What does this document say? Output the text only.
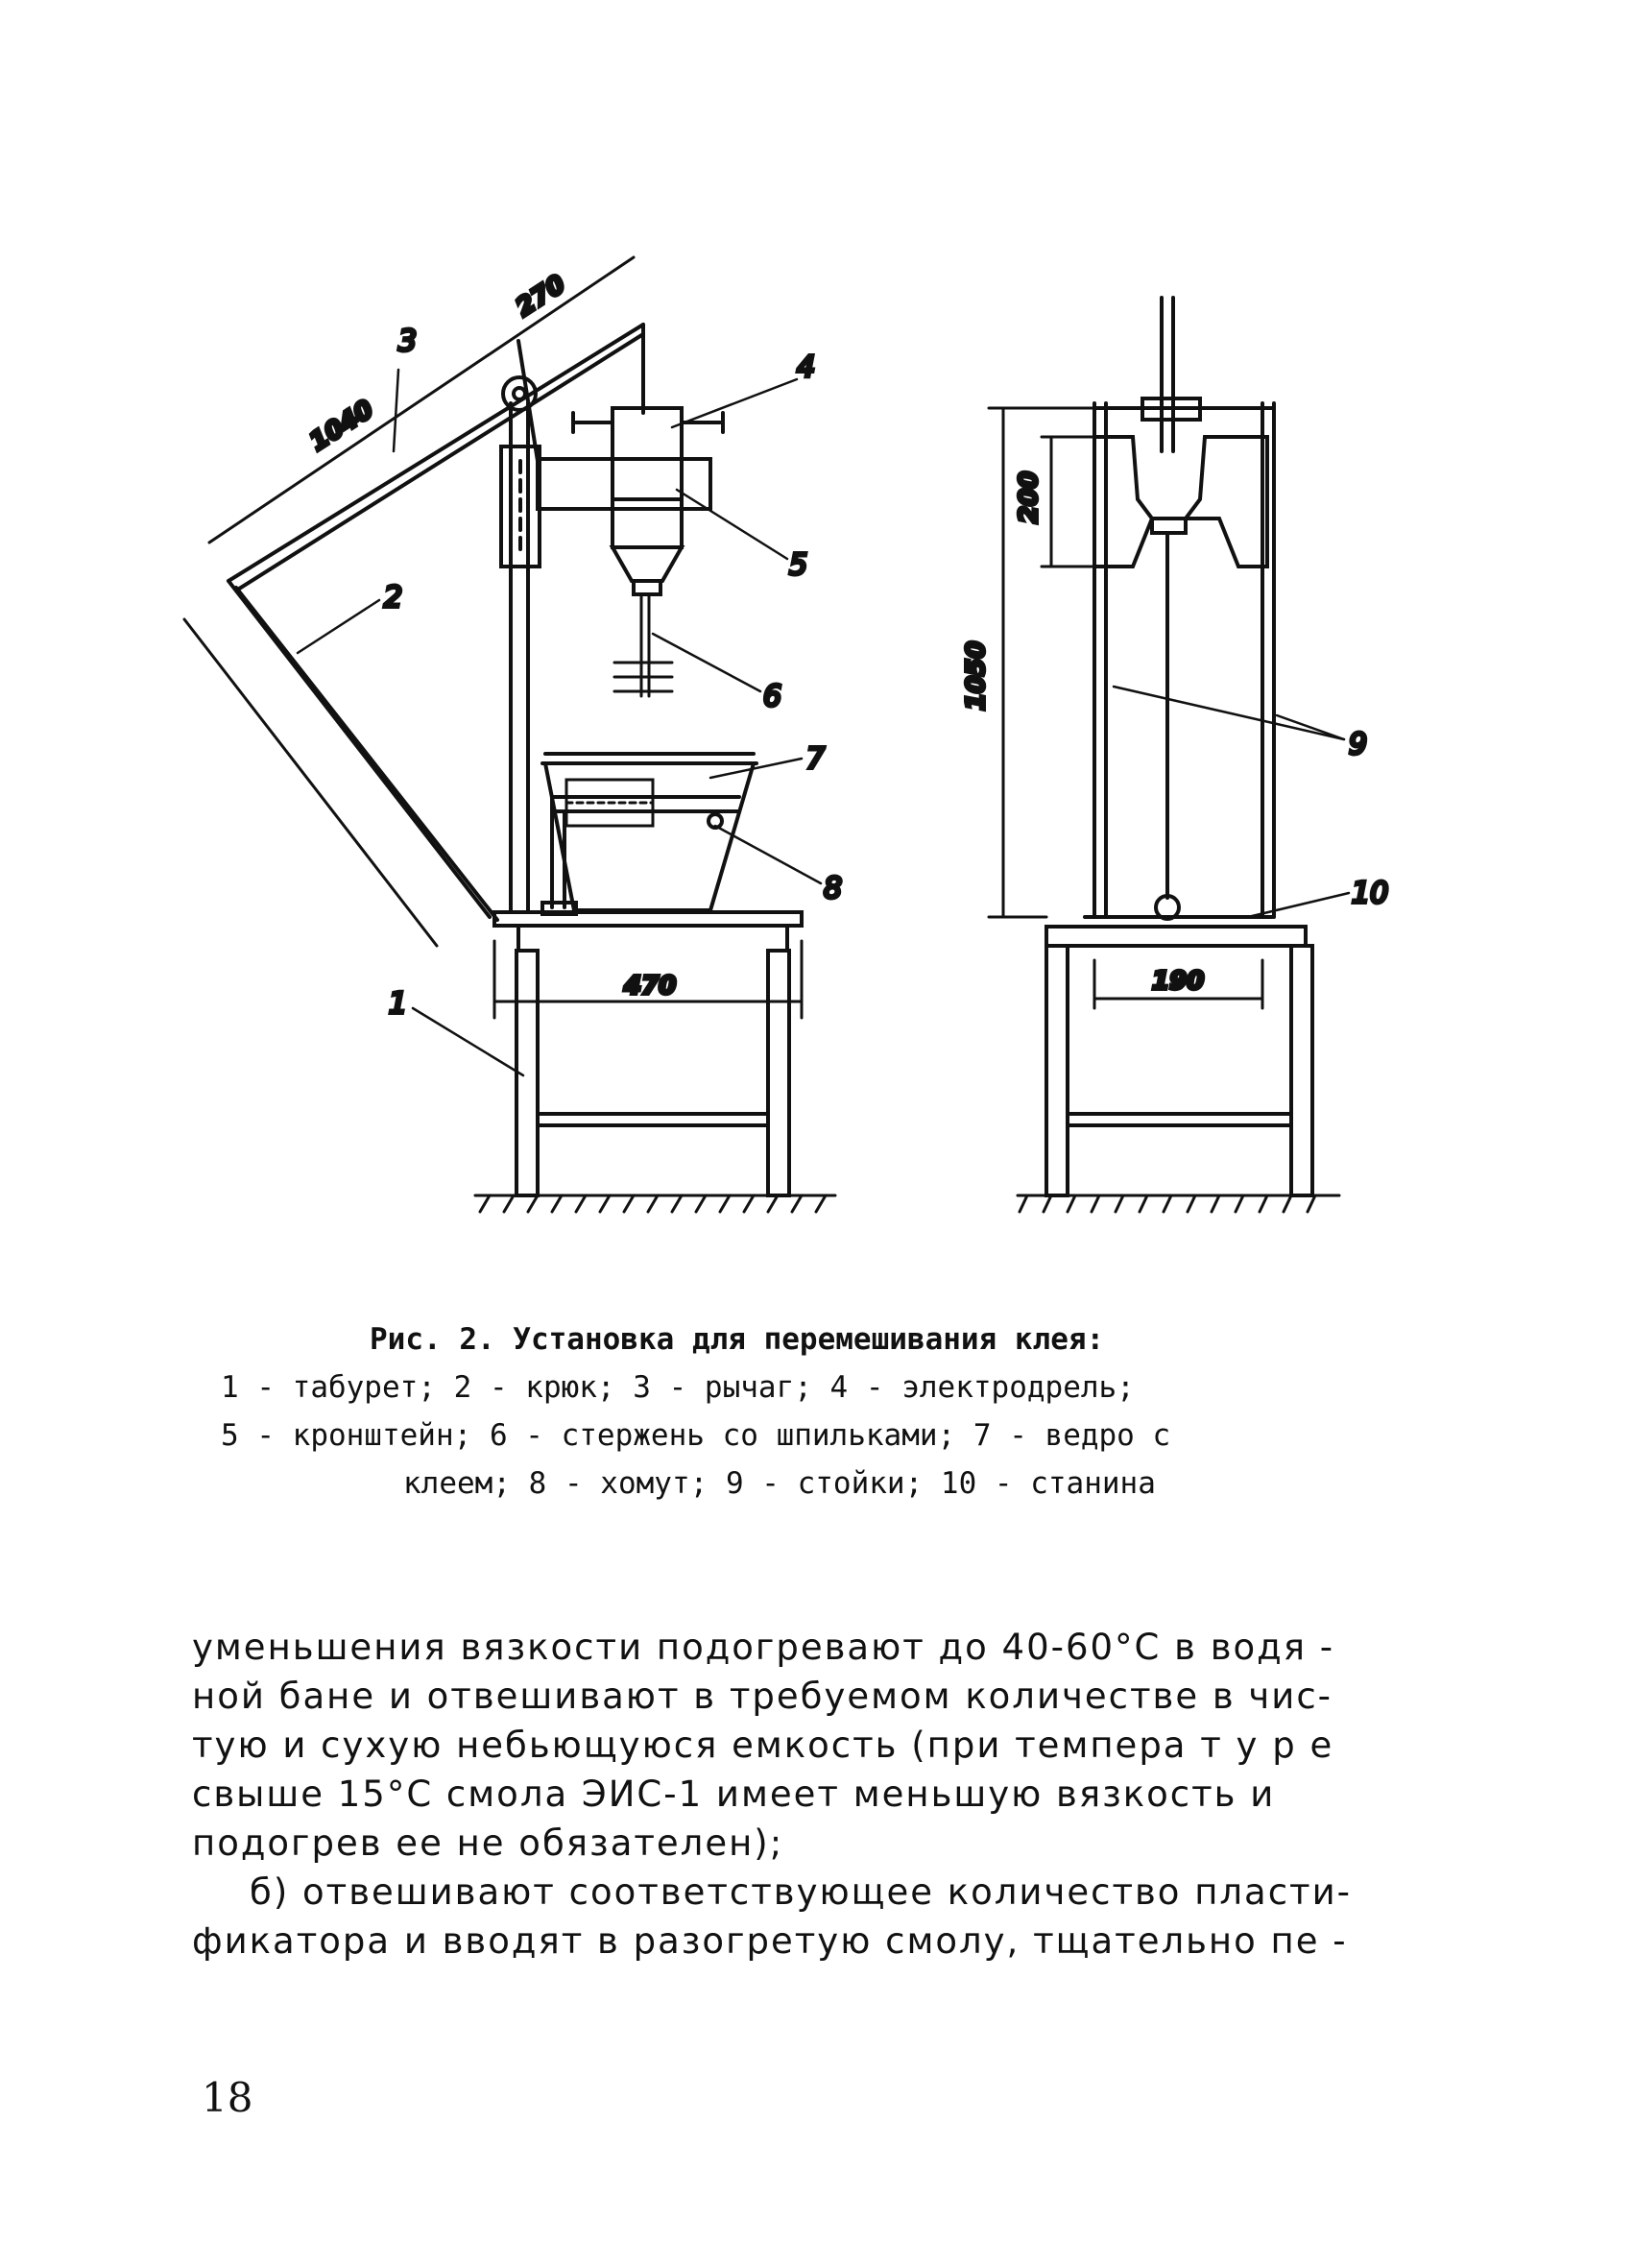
3
2
4
5
6
7
8
1
1040
270
470
9
10
1050
200
190
Рис. 2. Установка для перемешивания клея:
1 - табурет; 2 - крюк; 3 - рычаг; 4 - электродрель;
5 - кронштейн; 6 - стержень со шпильками; 7 - ведро с
клеем; 8 - хомут; 9 - стойки; 10 - станина

уменьшения вязкости подогревают до 40-60°С в водя -
ной бане и отвешивают в требуемом количестве в чис-
тую и сухую небьющуюся емкость (при темпера т у р е
свыше 15°С смола ЭИС-1 имеет меньшую вязкость и
подогрев ее не обязателен);

б) отвешивают соответствующее количество пласти-

фикатора и вводят в разогретую смолу, тщательно пе -

18
